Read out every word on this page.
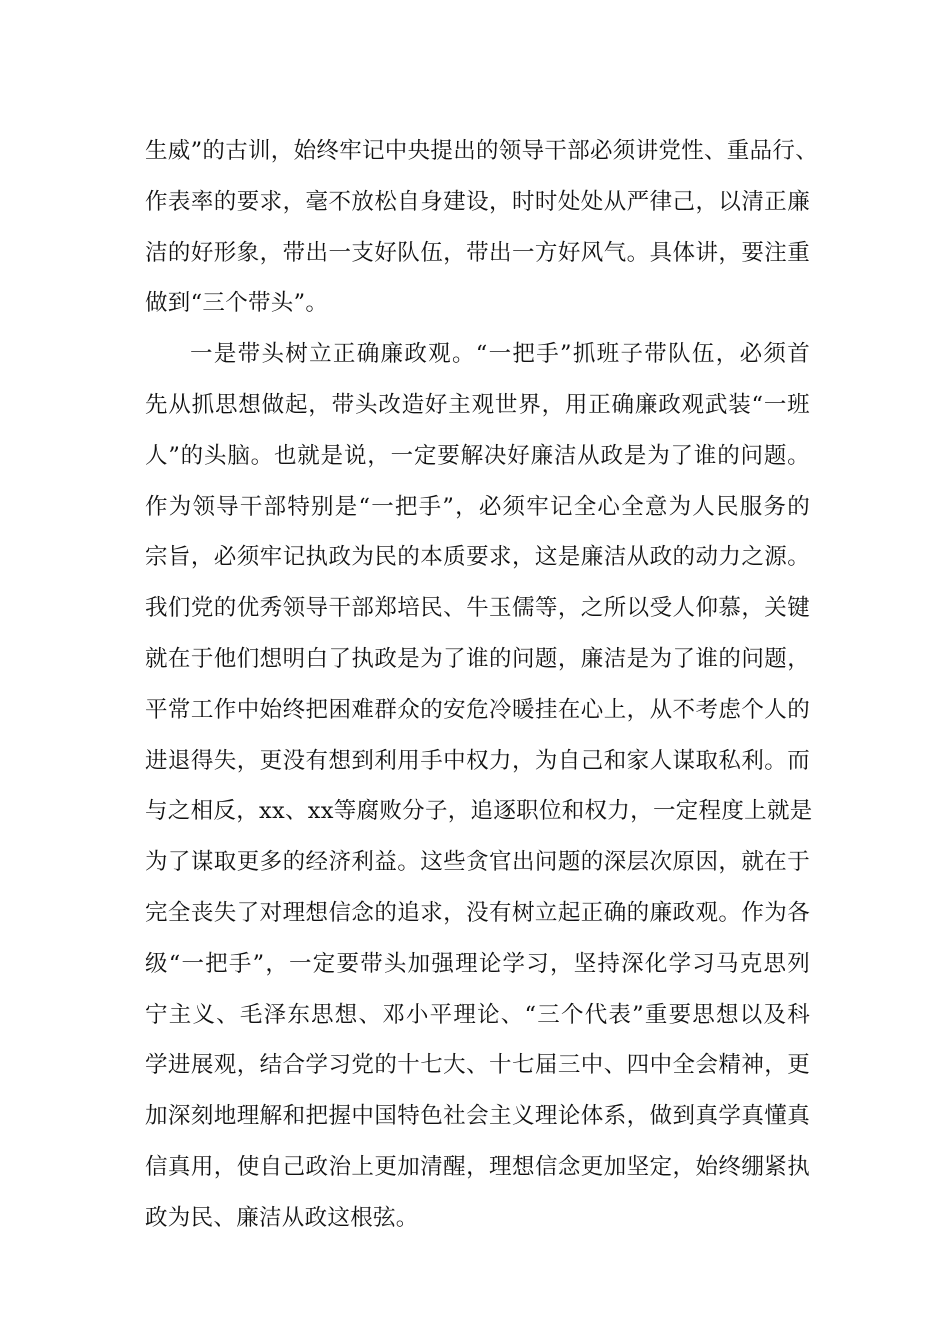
生威”的古训，始终牢记中央提出的领导干部必须讲党性、重品行、
作表率的要求，毫不放松自身建设，时时处处从严律己，以清正廉
洁的好形象，带出一支好队伍，带出一方好风气。具体讲，要注重
做到“三个带头”。
一是带头树立正确廉政观。“一把手”抓班子带队伍，必须首
先从抓思想做起，带头改造好主观世界，用正确廉政观武装“一班
人”的头脑。也就是说，一定要解决好廉洁从政是为了谁的问题。
作为领导干部特别是“一把手”，必须牢记全心全意为人民服务的
宗旨，必须牢记执政为民的本质要求，这是廉洁从政的动力之源。
我们党的优秀领导干部郑培民、牛玉儒等，之所以受人仰慕，关键
就在于他们想明白了执政是为了谁的问题，廉洁是为了谁的问题，
平常工作中始终把困难群众的安危冷暖挂在心上，从不考虑个人的
进退得失，更没有想到利用手中权力，为自己和家人谋取私利。而
与之相反，xx、xx等腐败分子，追逐职位和权力，一定程度上就是
为了谋取更多的经济利益。这些贪官出问题的深层次原因，就在于
完全丧失了对理想信念的追求，没有树立起正确的廉政观。作为各
级“一把手”，一定要带头加强理论学习，坚持深化学习马克思列
宁主义、毛泽东思想、邓小平理论、“三个代表”重要思想以及科
学进展观，结合学习党的十七大、十七届三中、四中全会精神，更
加深刻地理解和把握中国特色社会主义理论体系，做到真学真懂真
信真用，使自己政治上更加清醒，理想信念更加坚定，始终绷紧执
政为民、廉洁从政这根弦。
